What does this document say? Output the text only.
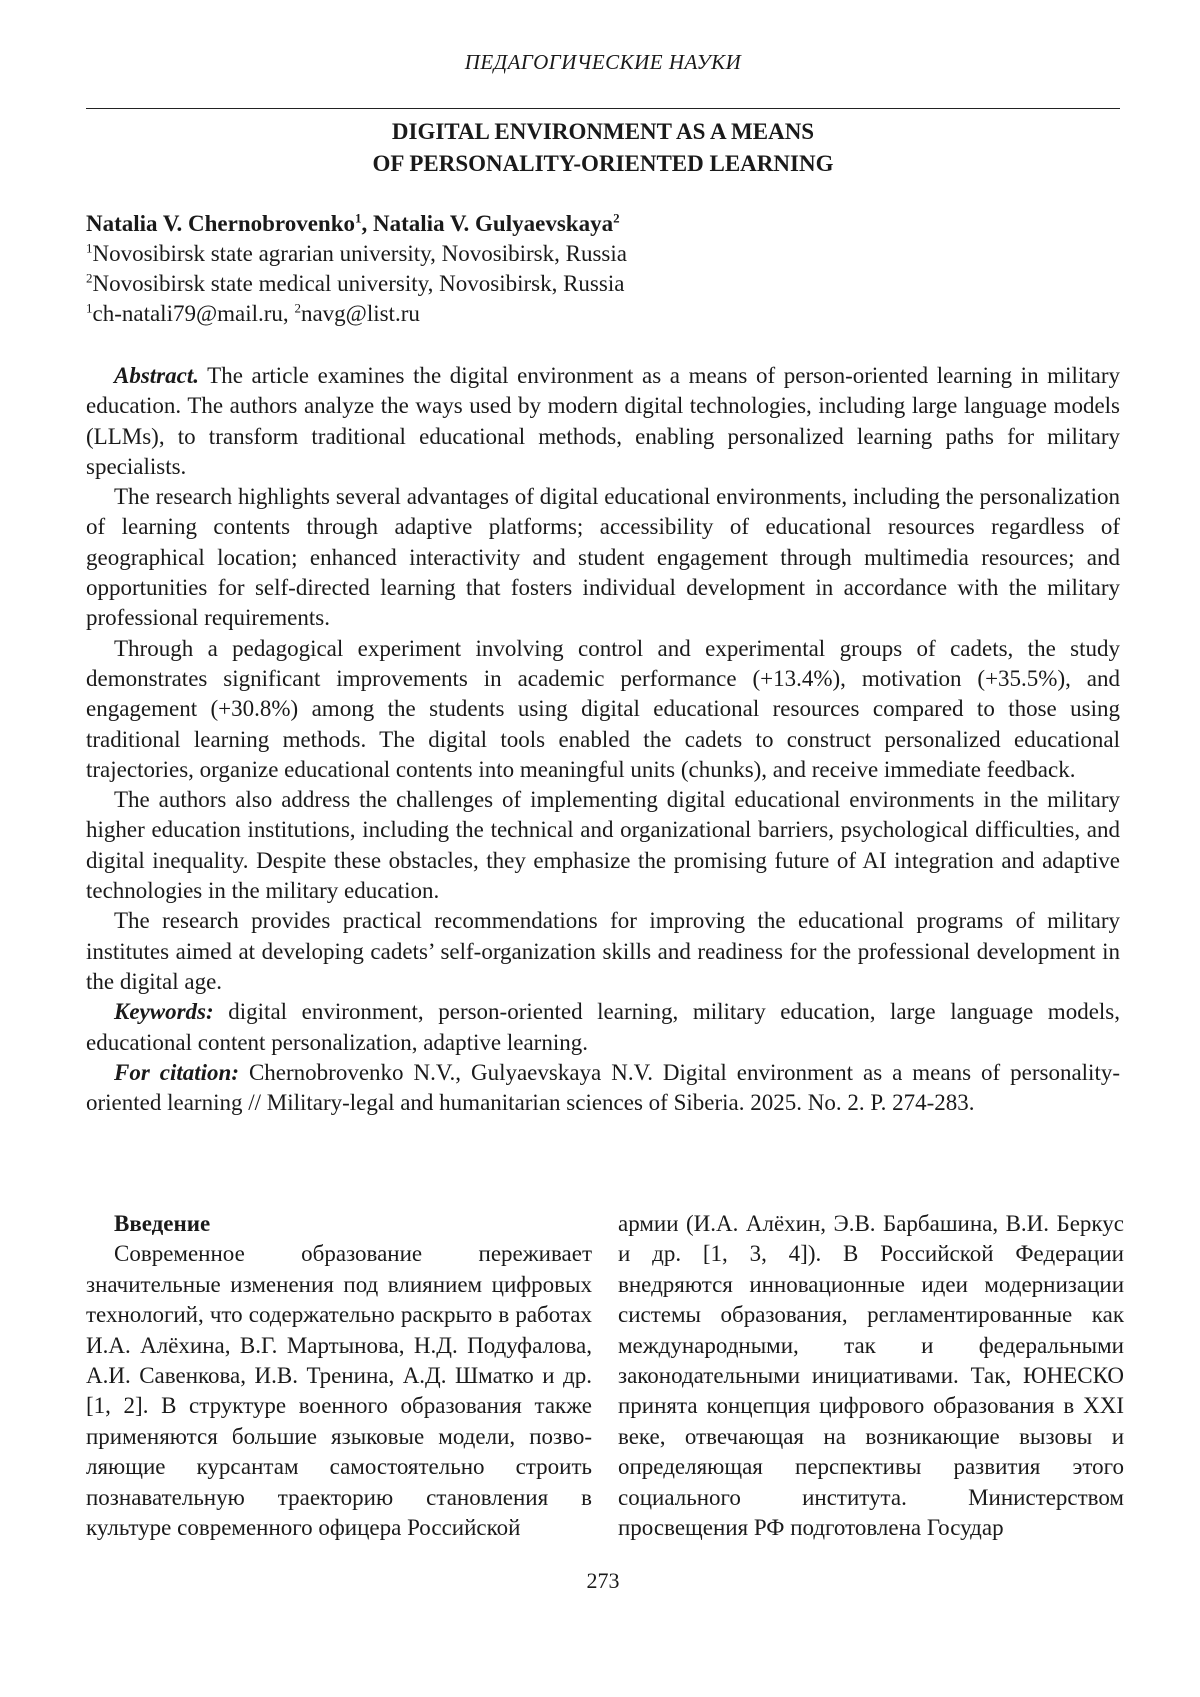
ПЕДАГОГИЧЕСКИЕ НАУКИ
DIGITAL ENVIRONMENT AS A MEANS
OF PERSONALITY-ORIENTED LEARNING
Natalia V. Chernobrovenko$^1$, Natalia V. Gulyaevskaya$^2$
$^1$Novosibirsk state agrarian university, Novosibirsk, Russia
$^2$Novosibirsk state medical university, Novosibirsk, Russia
$^1$ch-natali79@mail.ru, $^2$navg@list.ru

Abstract. The article examines the digital environment as a means of person-oriented learning in military education. The authors analyze the ways used by modern digital technologies, including large language models (LLMs), to transform traditional educational methods, enabling personalized learning paths for military specialists.

The research highlights several advantages of digital educational environments, including the personalization of learning contents through adaptive platforms; accessibility of educational resources regardless of geographical location; enhanced interactivity and student engagement through multimedia resources; and opportunities for self-directed learning that fosters individual development in accordance with the military professional requirements.

Through a pedagogical experiment involving control and experimental groups of cadets, the study demonstrates significant improvements in academic performance (+13.4%), motivation (+35.5%), and engagement (+30.8%) among the students using digital educational resources compared to those using traditional learning methods. The digital tools enabled the cadets to construct personalized educational trajectories, organize educational contents into meaningful units (chunks), and receive immediate feedback.

The authors also address the challenges of implementing digital educational environments in the military higher education institutions, including the technical and organizational barriers, psychological difficulties, and digital inequality. Despite these obstacles, they emphasize the promising future of AI integration and adaptive technologies in the military education.

The research provides practical recommendations for improving the educational programs of military institutes aimed at developing cadets’ self-organization skills and readiness for the professional development in the digital age.

Keywords: digital environment, person-oriented learning, military education, large language models, educational content personalization, adaptive learning.

For citation: Chernobrovenko N.V., Gulyaevskaya N.V. Digital environment as a means of personality-oriented learning // Military-legal and humanitarian sciences of Siberia. 2025. No. 2. P. 274-283.

Введение

Современное образование переживает значительные изменения под влиянием цифровых технологий, что содержательно раскрыто в работах И.А. Алёхина, В.Г. Мартынова, Н.Д. Подуфалова, А.И. Савенкова, И.В. Тренина, А.Д. Шматко и др. [1, 2]. В структуре военного образования также применяются большие языковые модели, позволяющие курсантам самостоятельно строить познавательную траекторию становления в культуре современного офицера Российской

армии (И.А. Алёхин, Э.В. Барбашина, В.И. Беркус и др. [1, 3, 4]). В Российской Федерации внедряются инновационные идеи модернизации системы образования, регламентированные как международными, так и федеральными законодательными инициативами. Так, ЮНЕСКО принята концепция цифрового образования в XXI веке, отвечающая на возникающие вызовы и определяющая перспективы развития этого социального института. Министерством просвещения РФ подготовлена Государ

273
